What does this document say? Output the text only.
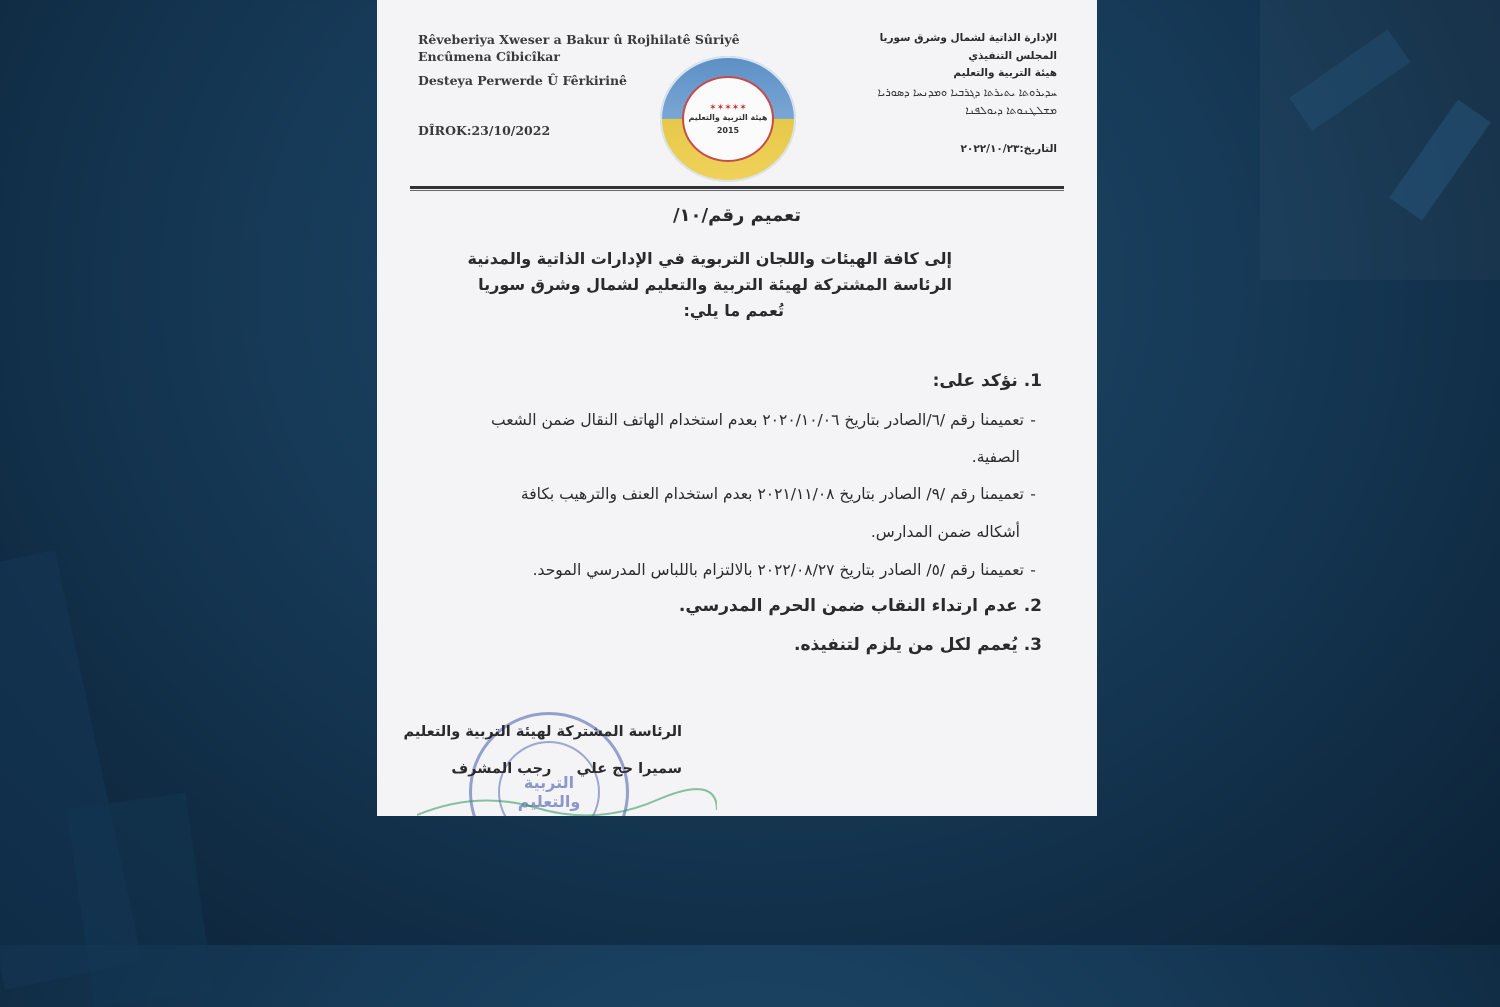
Rêveberiya Xweser a Bakur û Rojhilatê Sûriyê
Encûmena Cîbicîkar
Desteya Perwerde Û Fêrkirinê
DÎROK:23/10/2022
الإدارة الذاتية لشمال وشرق سوريا
المجلس التنفيذي
هيئة التربية والتعليم
ܚܕܝܪܘܬܐ ܝܬܝܪܬܐ ܕܓܪܒܝܐ ܘܡܕܢܚܐ ܕܣܘܪܝܐ
ܡܫܠܛܢܘܬܐ ܕܝܘܠܦܢܐ
التاريخ:٢٠٢٢/١٠/٢٣
✶✶✶✶✶
هيئة التربية والتعليم
2015
تعميم رقم/١٠/
إلى كافة الهيئات واللجان التربوية في الإدارات الذاتية والمدنية
الرئاسة المشتركة لهيئة التربية والتعليم لشمال وشرق سوريا
تُعمم ما يلي:
1. نؤكد على:
-تعميمنا رقم /٦/الصادر بتاريخ ٢٠٢٠/١٠/٠٦ بعدم استخدام الهاتف النقال ضمن الشعب
الصفية.
-تعميمنا رقم /٩/ الصادر بتاريخ ٢٠٢١/١١/٠٨ بعدم استخدام العنف والترهيب بكافة
أشكاله ضمن المدارس.
-تعميمنا رقم /٥/ الصادر بتاريخ ٢٠٢٢/٠٨/٢٧ بالالتزام باللباس المدرسي الموحد.
2. عدم ارتداء النقاب ضمن الحرم المدرسي.
3. يُعمم لكل من يلزم لتنفيذه.
التربية
والتعليم
الرئاسة المشتركة لهيئة التربية والتعليم
سميرا حج علي     رجب المشرف
